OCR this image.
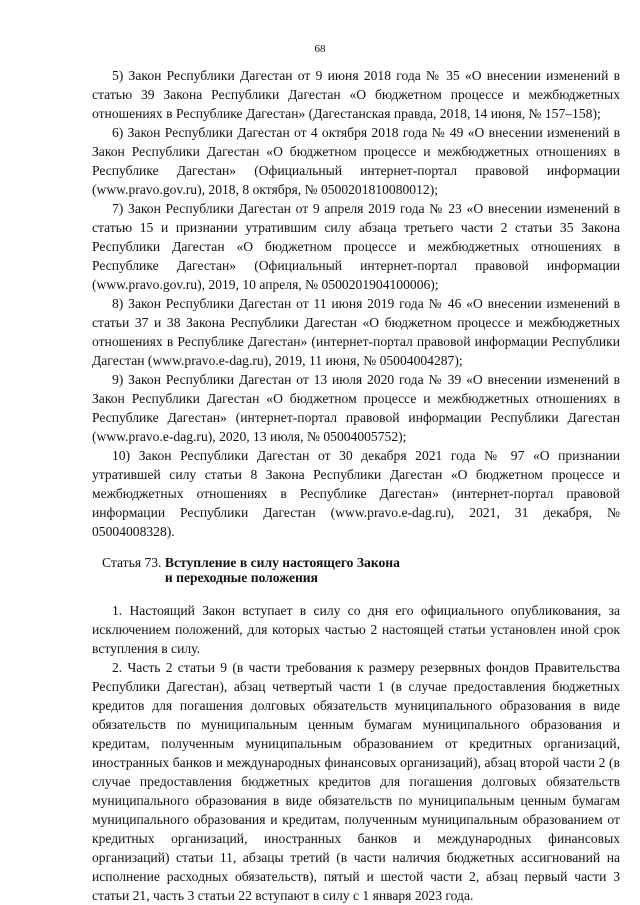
68

5) Закон Республики Дагестан от 9 июня 2018 года № 35 «О внесении изменений в статью 39 Закона Республики Дагестан «О бюджетном процессе и межбюджетных отношениях в Республике Дагестан» (Дагестанская правда, 2018, 14 июня, № 157–158);

6) Закон Республики Дагестан от 4 октября 2018 года № 49 «О внесении изменений в Закон Республики Дагестан «О бюджетном процессе и межбюджетных отношениях в Республике Дагестан» (Официальный интернет-портал правовой информации (www.pravo.gov.ru), 2018, 8 октября, № 0500201810080012);

7) Закон Республики Дагестан от 9 апреля 2019 года № 23 «О внесении изменений в статью 15 и признании утратившим силу абзаца третьего части 2 статьи 35 Закона Республики Дагестан «О бюджетном процессе и межбюджетных отношениях в Республике Дагестан» (Официальный интернет-портал правовой информации (www.pravo.gov.ru), 2019, 10 апреля, № 0500201904100006);

8) Закон Республики Дагестан от 11 июня 2019 года № 46 «О внесении изменений в статьи 37 и 38 Закона Республики Дагестан «О бюджетном процессе и межбюджетных отношениях в Республике Дагестан» (интернет-портал правовой информации Республики Дагестан (www.pravo.e-dag.ru), 2019, 11 июня, № 05004004287);

9) Закон Республики Дагестан от 13 июля 2020 года № 39 «О внесении изменений в Закон Республики Дагестан «О бюджетном процессе и межбюджетных отношениях в Республике Дагестан» (интернет-портал правовой информации Республики Дагестан (www.pravo.e-dag.ru), 2020, 13 июля, № 05004005752);

10) Закон Республики Дагестан от 30 декабря 2021 года № 97 «О признании утратившей силу статьи 8 Закона Республики Дагестан «О бюджетном процессе и межбюджетных отношениях в Республике Дагестан» (интернет-портал правовой информации Республики Дагестан (www.pravo.e-dag.ru), 2021, 31 декабря, № 05004008328).

Статья 73. Вступление в силу настоящего Закона
и переходные положения

1. Настоящий Закон вступает в силу со дня его официального опубликования, за исключением положений, для которых частью 2 настоящей статьи установлен иной срок вступления в силу.

2. Часть 2 статьи 9 (в части требования к размеру резервных фондов Правительства Республики Дагестан), абзац четвертый части 1 (в случае предоставления бюджетных кредитов для погашения долговых обязательств муниципального образования в виде обязательств по муниципальным ценным бумагам муниципального образования и кредитам, полученным муниципальным образованием от кредитных организаций, иностранных банков и международных финансовых организаций), абзац второй части 2 (в случае предоставления бюджетных кредитов для погашения долговых обязательств муниципального образования в виде обязательств по муниципальным ценным бумагам муниципального образования и кредитам, полученным муниципальным образованием от кредитных организаций, иностранных банков и международных финансовых организаций) статьи 11, абзацы третий (в части наличия бюджетных ассигнований на исполнение расходных обязательств), пятый и шестой части 2, абзац первый части 3 статьи 21, часть 3 статьи 22 вступают в силу с 1 января 2023 года.
